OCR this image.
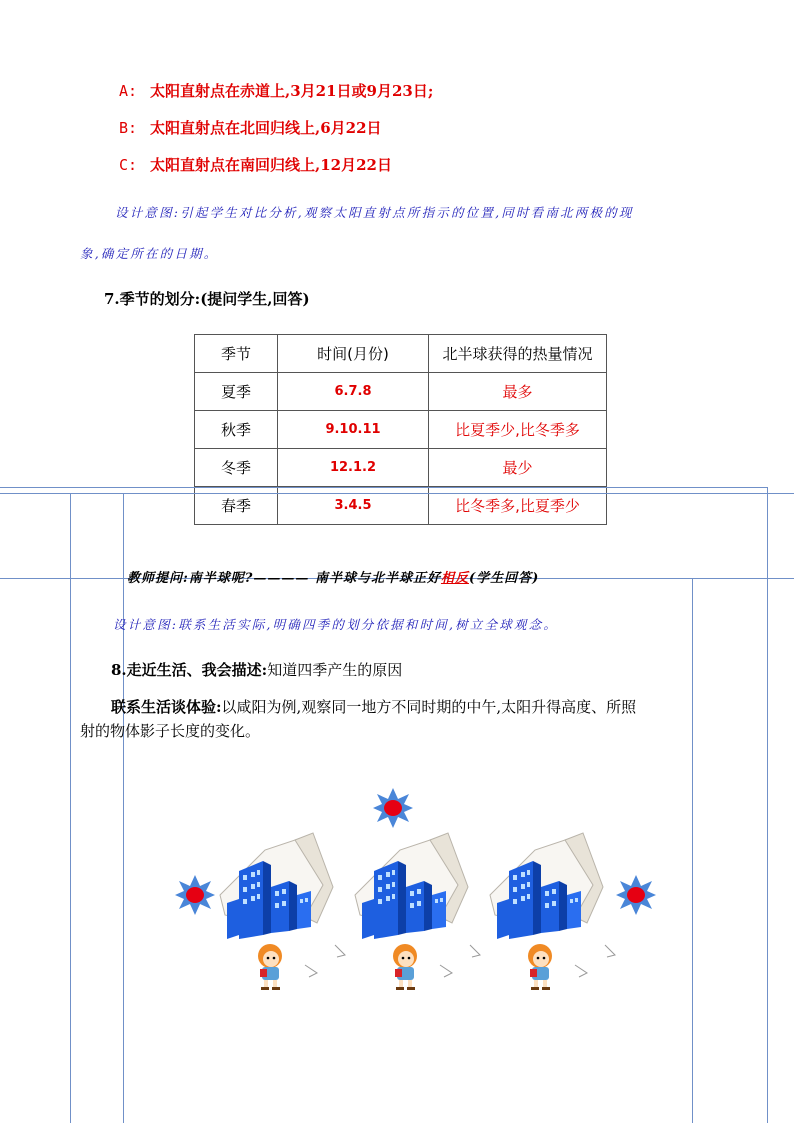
A: 太阳直射点在赤道上,3月21日或9月23日;
B: 太阳直射点在北回归线上,6月22日
C: 太阳直射点在南回归线上,12月22日
设计意图:引起学生对比分析,观察太阳直射点所指示的位置,同时看南北两极的现
象,确定所在的日期。
7.季节的划分:(提问学生,回答)
季节	时间(月份)	北半球获得的热量情况
夏季	6.7.8	最多
秋季	9.10.11	比夏季少,比冬季多
冬季	12.1.2	最少
春季	3.4.5	比冬季多,比夏季少
教师提问:南半球呢?———— 南半球与北半球正好相反(学生回答)
设计意图:联系生活实际,明确四季的划分依据和时间,树立全球观念。
8.走近生活、我会描述:知道四季产生的原因
联系生活谈体验:以咸阳为例,观察同一地方不同时期的中午,太阳升得高度、所照
射的物体影子长度的变化。
